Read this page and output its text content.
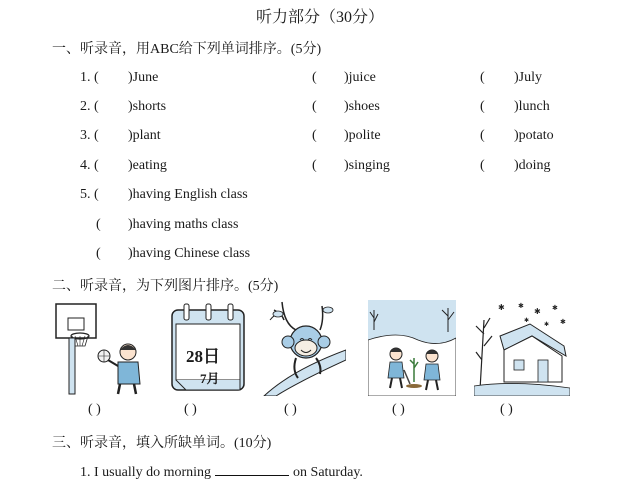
听力部分（30分）
一、听录音，用ABC给下列单词排序。(5分)
1. ( )June	( )juice	( )July
2. ( )shorts	( )shoes	( )lunch
3. ( )plant	( )polite	( )potato
4. ( )eating	( )singing	( )doing
5. ( )having English class
( )having maths class
( )having Chinese class
二、听录音，为下列图片排序。(5分)
28日
7月
✱ ✱
✱ ✱
✱
✱
✱
( )	( )	( )	( )	( )
三、听录音，填入所缺单词。(10分)
1. I usually do morning	on Saturday.
